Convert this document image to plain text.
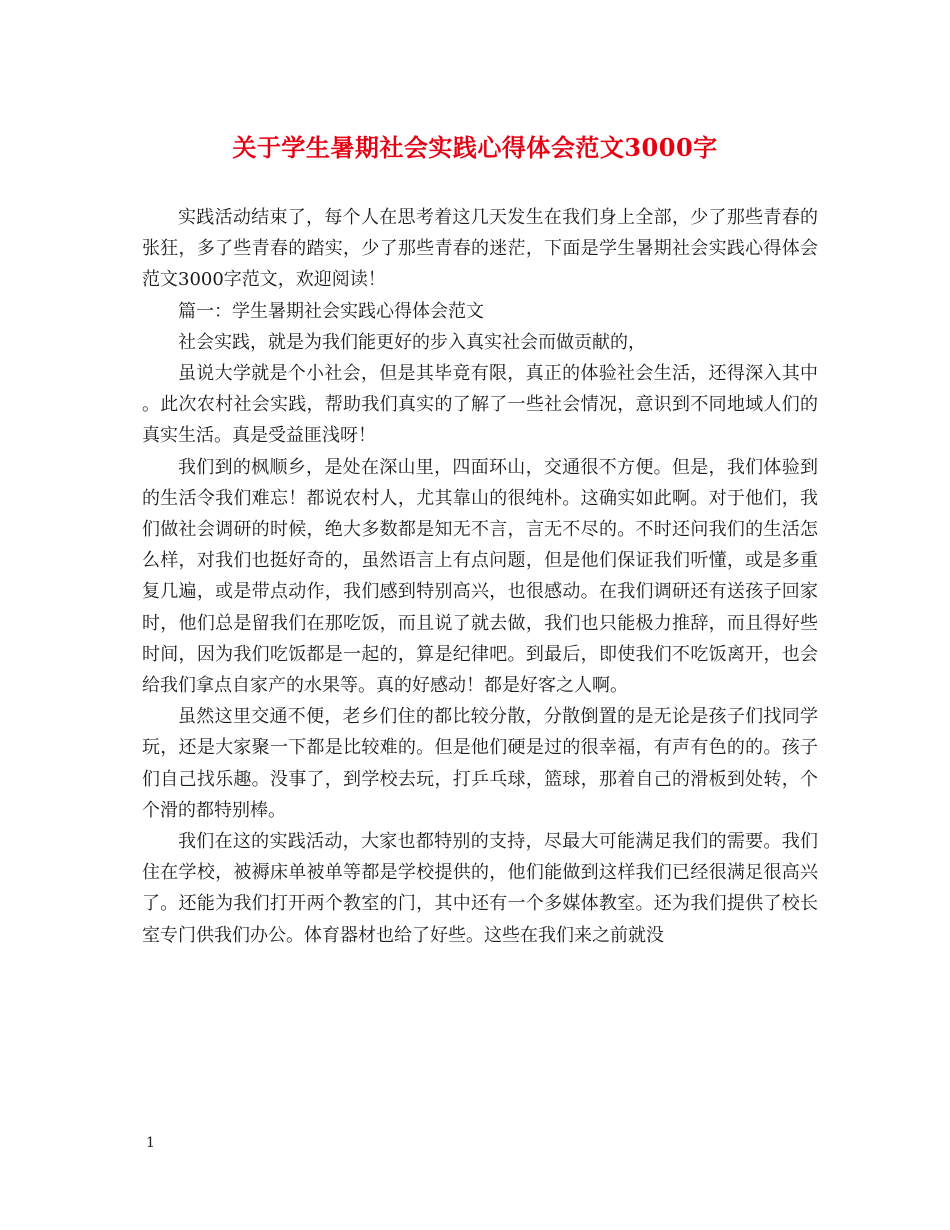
关于学生暑期社会实践心得体会范文3000字

实践活动结束了，每个人在思考着这几天发生在我们身上全部，少了那些青春的张狂，多了些青春的踏实，少了那些青春的迷茫，下面是学生暑期社会实践心得体会范文3000字范文，欢迎阅读！

篇一：学生暑期社会实践心得体会范文

社会实践，就是为我们能更好的步入真实社会而做贡献的，

虽说大学就是个小社会，但是其毕竟有限，真正的体验社会生活，还得深入其中。此次农村社会实践，帮助我们真实的了解了一些社会情况，意识到不同地域人们的真实生活。真是受益匪浅呀！

我们到的枫顺乡，是处在深山里，四面环山，交通很不方便。但是，我们体验到的生活令我们难忘！都说农村人，尤其靠山的很纯朴。这确实如此啊。对于他们，我们做社会调研的时候，绝大多数都是知无不言，言无不尽的。不时还问我们的生活怎么样，对我们也挺好奇的，虽然语言上有点问题，但是他们保证我们听懂，或是多重复几遍，或是带点动作，我们感到特别高兴，也很感动。在我们调研还有送孩子回家时，他们总是留我们在那吃饭，而且说了就去做，我们也只能极力推辞，而且得好些时间，因为我们吃饭都是一起的，算是纪律吧。到最后，即使我们不吃饭离开，也会给我们拿点自家产的水果等。真的好感动！都是好客之人啊。

虽然这里交通不便，老乡们住的都比较分散，分散倒置的是无论是孩子们找同学玩，还是大家聚一下都是比较难的。但是他们硬是过的很幸福，有声有色的的。孩子们自己找乐趣。没事了，到学校去玩，打乒乓球，篮球，那着自己的滑板到处转，个个滑的都特别棒。

我们在这的实践活动，大家也都特别的支持，尽最大可能满足我们的需要。我们住在学校，被褥床单被单等都是学校提供的，他们能做到这样我们已经很满足很高兴了。还能为我们打开两个教室的门，其中还有一个多媒体教室。还为我们提供了校长室专门供我们办公。体育器材也给了好些。这些在我们来之前就没

1
